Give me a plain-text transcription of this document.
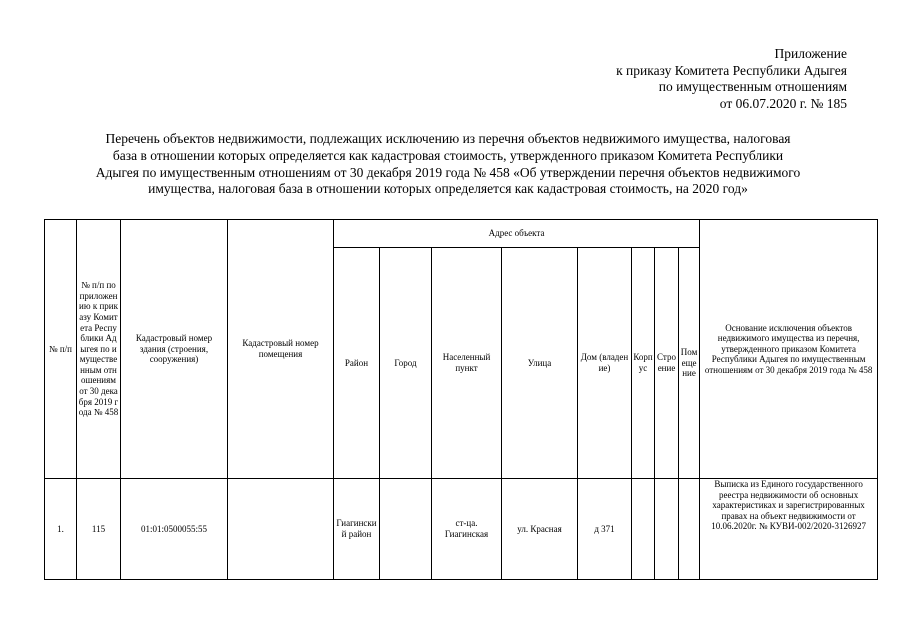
Приложение
к приказу Комитета Республики Адыгея
по имущественным отношениям
от 06.07.2020 г. № 185
Перечень объектов недвижимости, подлежащих исключению из перечня объектов недвижимого имущества, налоговая
база в отношении которых определяется как кадастровая стоимость, утвержденного приказом Комитета Республики
Адыгея по имущественным отношениям от 30 декабря 2019 года № 458 «Об утверждении перечня объектов недвижимого
имущества, налоговая база в отношении которых определяется как кадастровая стоимость, на 2020 год»
№ п/п	№ п/п по приложению к приказу Комитета Республики Адыгея по имущественным отношениям от 30 декабря 2019 года № 458	Кадастровый номер здания (строения, сооружения)	Кадастровый номер помещения	Адрес объекта								Основание исключения объектов недвижимого имущества из перечня, утвержденного приказом Комитета Республики Адыгея по имущественным отношениям от 30 декабря 2019 года № 458
				Район	Город	Населенный пункт	Улица	Дом (владение)	Корпус	Строение	Помещение	
1.	115	01:01:0500055:55		Гиагинский район		ст-ца. Гиагинская	ул. Красная	д 371				Выписка из Единого государственного реестра недвижимости об основных характеристиках и зарегистрированных правах на объект недвижимости от 10.06.2020г. № КУВИ-002/2020-3126927
